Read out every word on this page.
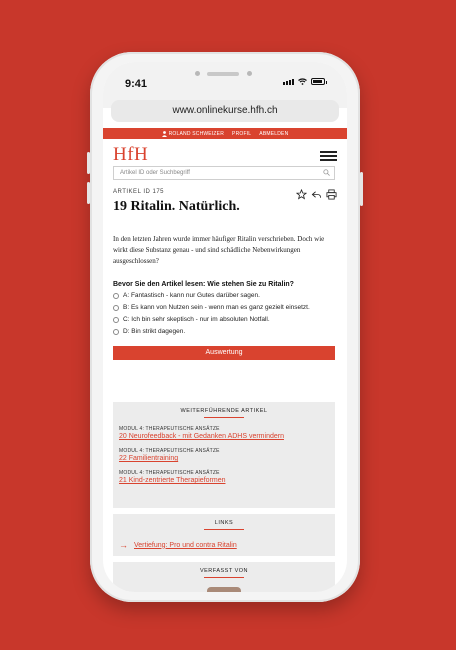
9:41
www.onlinekurse.hfh.ch
ROLAND SCHWEIZER PROFIL ABMELDEN
HfH
Artikel ID oder Suchbegriff
ARTIKEL ID 175
19 Ritalin. Natürlich.

In den letzten Jahren wurde immer häufiger Ritalin verschrieben. Doch wie wirkt diese Substanz genau - und sind schädliche Nebenwirkungen ausgeschlossen?

Bevor Sie den Artikel lesen: Wie stehen Sie zu Ritalin?
A: Fantastisch - kann nur Gutes darüber sagen.
B: Es kann von Nutzen sein - wenn man es ganz gezielt einsetzt.
C: Ich bin sehr skeptisch - nur im absoluten Notfall.
D: Bin strikt dagegen.
Auswertung
WEITERFÜHRENDE ARTIKEL
MODUL 4: THERAPEUTISCHE ANSÄTZE
20 Neurofeedback - mit Gedanken ADHS vermindern
MODUL 4: THERAPEUTISCHE ANSÄTZE
22 Familientraining
MODUL 4: THERAPEUTISCHE ANSÄTZE
21 Kind-zentrierte Therapieformen
LINKS
→ Vertiefung: Pro und contra Ritalin
VERFASST VON
